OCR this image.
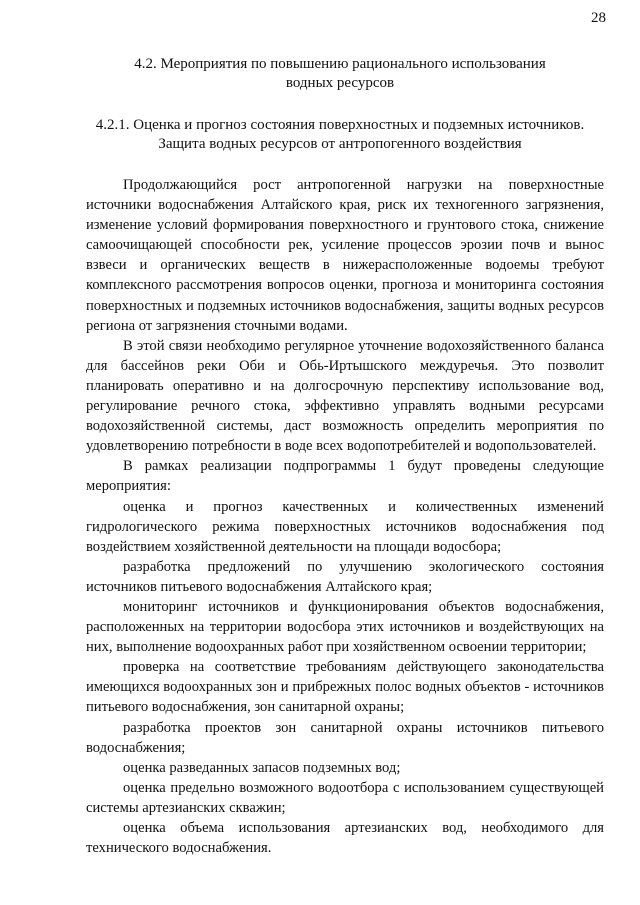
28
4.2. Мероприятия по повышению рационального использования
водных ресурсов
4.2.1. Оценка и прогноз состояния поверхностных и подземных источников.
Защита водных ресурсов от антропогенного воздействия

Продолжающийся рост антропогенной нагрузки на поверхностные источники водоснабжения Алтайского края, риск их техногенного загрязнения, изменение условий формирования поверхностного и грунтового стока, снижение самоочищающей способности рек, усиление процессов эрозии почв и вынос взвеси и органических веществ в нижерасположенные водоемы требуют комплексного рассмотрения вопросов оценки, прогноза и мониторинга состояния поверхностных и подземных источников водоснабжения, защиты водных ресурсов региона от загрязнения сточными водами.

В этой связи необходимо регулярное уточнение водохозяйственного баланса для бассейнов реки Оби и Обь-Иртышского междуречья. Это позволит планировать оперативно и на долгосрочную перспективу использование вод, регулирование речного стока, эффективно управлять водными ресурсами водохозяйственной системы, даст возможность определить мероприятия по удовлетворению потребности в воде всех водопотребителей и водопользователей.

В рамках реализации подпрограммы 1 будут проведены следующие мероприятия:

оценка и прогноз качественных и количественных изменений гидрологического режима поверхностных источников водоснабжения под воздействием хозяйственной деятельности на площади водосбора;

разработка предложений по улучшению экологического состояния источников питьевого водоснабжения Алтайского края;

мониторинг источников и функционирования объектов водоснабжения, расположенных на территории водосбора этих источников и воздействующих на них, выполнение водоохранных работ при хозяйственном освоении территории;

проверка на соответствие требованиям действующего законодательства имеющихся водоохранных зон и прибрежных полос водных объектов - источников питьевого водоснабжения, зон санитарной охраны;

разработка проектов зон санитарной охраны источников питьевого водоснабжения;

оценка разведанных запасов подземных вод;

оценка предельно возможного водоотбора с использованием существующей системы артезианских скважин;

оценка объема использования артезианских вод, необходимого для технического водоснабжения.
